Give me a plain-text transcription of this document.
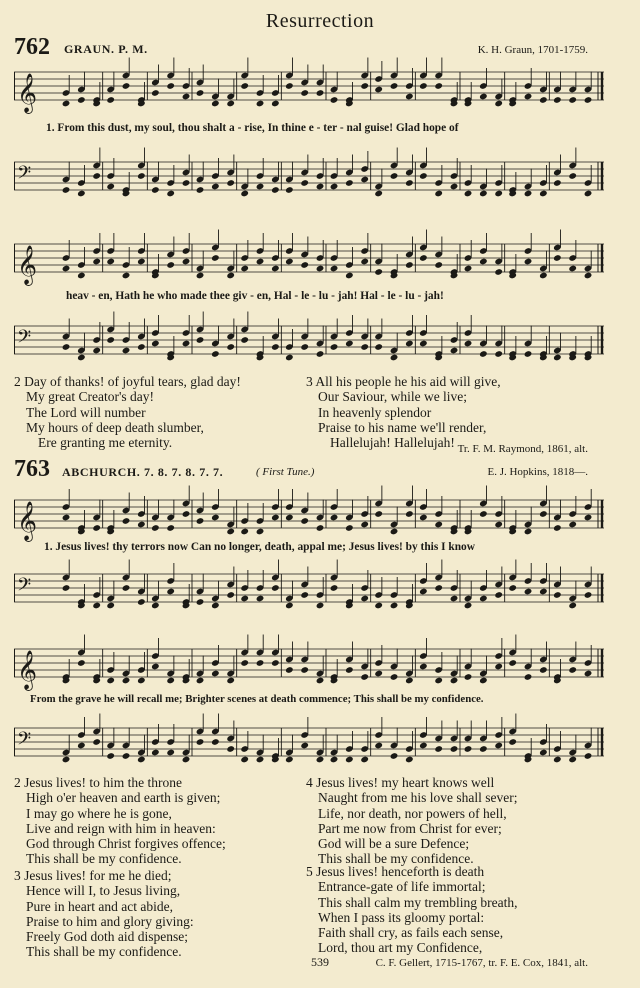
Resurrection
762 GRAUN. P. M.	K. H. Graun, 1701-1759.
𝄞
1. From this dust, my soul, thou shalt a - rise, In thine e - ter - nal guise! Glad hope of
𝄢
𝄞
heav - en, Hath he who made thee giv - en, Hal - le - lu - jah! Hal - le - lu - jah!
𝄢
2 Day of thanks! of joyful tears, glad day!
My great Creator's day!
The Lord will number
My hours of deep death slumber,
Ere granting me eternity.
3 All his people he his aid will give,
Our Saviour, while we live;
In heavenly splendor
Praise to his name we'll render,
Hallelujah! Hallelujah! Tr. F. M. Raymond, 1861, alt.
763 ABCHURCH. 7. 8. 7. 8. 7. 7.	( First Tune.)	E. J. Hopkins, 1818—.
𝄞
1. Jesus lives! thy terrors now Can no longer, death, appal me; Jesus lives! by this I know
𝄢
𝄞
From the grave he will recall me; Brighter scenes at death commence; This shall be my confidence.
𝄢
2 Jesus lives! to him the throne
High o'er heaven and earth is given;
I may go where he is gone,
Live and reign with him in heaven:
God through Christ forgives offence;
This shall be my confidence.
3 Jesus lives! for me he died;
Hence will I, to Jesus living,
Pure in heart and act abide,
Praise to him and glory giving:
Freely God doth aid dispense;
This shall be my confidence.
4 Jesus lives! my heart knows well
Naught from me his love shall sever;
Life, nor death, nor powers of hell,
Part me now from Christ for ever;
God will be a sure Defence;
This shall be my confidence.
5 Jesus lives! henceforth is death
Entrance-gate of life immortal;
This shall calm my trembling breath,
When I pass its gloomy portal:
Faith shall cry, as fails each sense,
Lord, thou art my Confidence,
C. F. Gellert, 1715-1767, tr. F. E. Cox, 1841, alt.
539
